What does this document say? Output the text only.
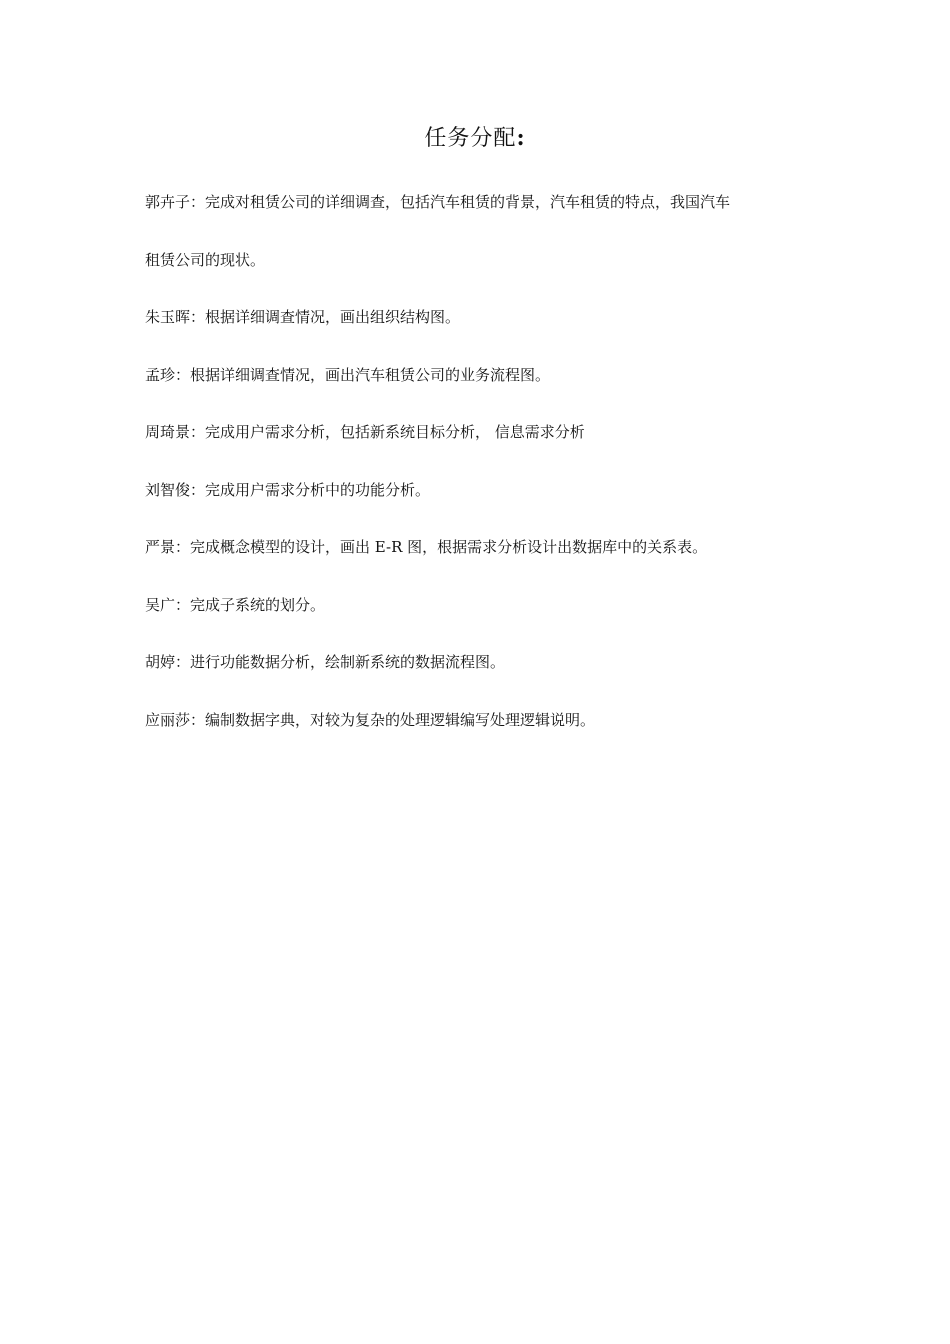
任务分配:
郭卉子：完成对租赁公司的详细调查，包括汽车租赁的背景，汽车租赁的特点，我国汽车
租赁公司的现状。
朱玉晖：根据详细调查情况，画出组织结构图。
孟珍：根据详细调查情况，画出汽车租赁公司的业务流程图。
周琦景：完成用户需求分析，包括新系统目标分析， 信息需求分析
刘智俊：完成用户需求分析中的功能分析。
严景：完成概念模型的设计，画出 E-R 图，根据需求分析设计出数据库中的关系表。
吴广：完成子系统的划分。
胡婷：进行功能数据分析，绘制新系统的数据流程图。
应丽莎：编制数据字典，对较为复杂的处理逻辑编写处理逻辑说明。
